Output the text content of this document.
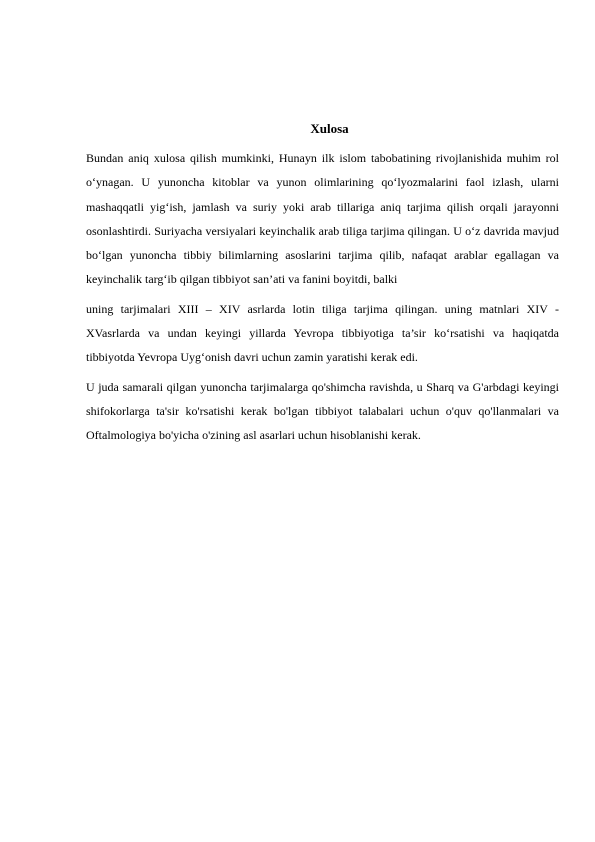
Xulosa

Bundan aniq xulosa qilish mumkinki, Hunayn ilk islom tabobatining rivojlanishida muhim rol o‘ynagan. U yunoncha kitoblar va yunon olimlarining qo‘lyozmalarini faol izlash, ularni mashaqqatli yig‘ish, jamlash va suriy yoki arab tillariga aniq tarjima qilish orqali jarayonni osonlashtirdi. Suriyacha versiyalari keyinchalik arab tiliga tarjima qilingan. U o‘z davrida mavjud bo‘lgan yunoncha tibbiy bilimlarning asoslarini tarjima qilib, nafaqat arablar egallagan va keyinchalik targ‘ib qilgan tibbiyot san’ati va fanini boyitdi, balki

uning tarjimalari XIII – XIV asrlarda lotin tiliga tarjima qilingan. uning matnlari XIV - XVasrlarda va undan keyingi yillarda Yevropa tibbiyotiga ta’sir ko‘rsatishi va haqiqatda tibbiyotda Yevropa Uyg‘onish davri uchun zamin yaratishi kerak edi.

U juda samarali qilgan yunoncha tarjimalarga qo'shimcha ravishda, u Sharq va G'arbdagi keyingi shifokorlarga ta'sir ko'rsatishi kerak bo'lgan tibbiyot talabalari uchun o'quv qo'llanmalari va Oftalmologiya bo'yicha o'zining asl asarlari uchun hisoblanishi kerak.
